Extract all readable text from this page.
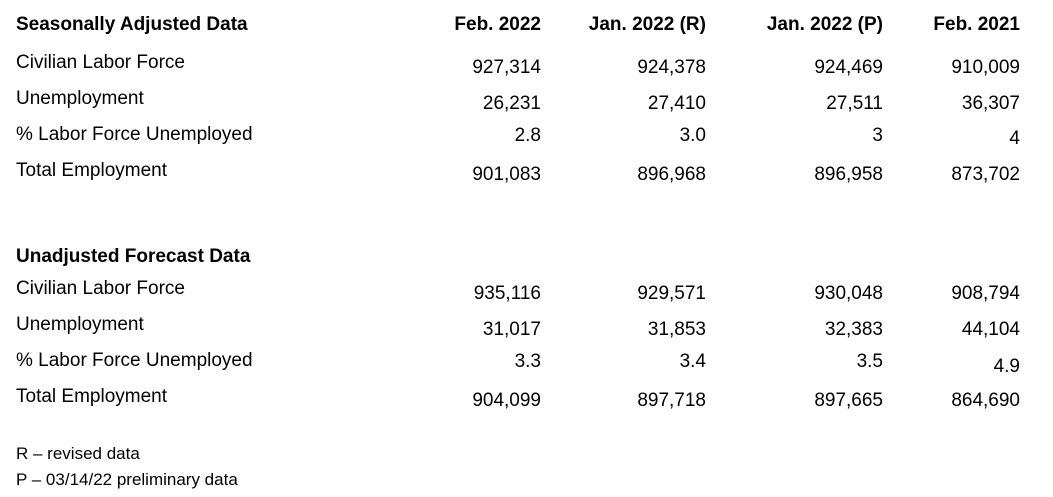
Seasonally Adjusted Data	Feb. 2022	Jan. 2022 (R)	Jan. 2022 (P)	Feb. 2021
Civilian Labor Force	927,314	924,378	924,469	910,009
Unemployment	26,231	27,410	27,511	36,307
% Labor Force Unemployed	2.8	3.0	3	4
Total Employment	901,083	896,968	896,958	873,702
Unadjusted Forecast Data
Civilian Labor Force	935,116	929,571	930,048	908,794
Unemployment	31,017	31,853	32,383	44,104
% Labor Force Unemployed	3.3	3.4	3.5	4.9
Total Employment	904,099	897,718	897,665	864,690
R – revised data
P – 03/14/22 preliminary data
